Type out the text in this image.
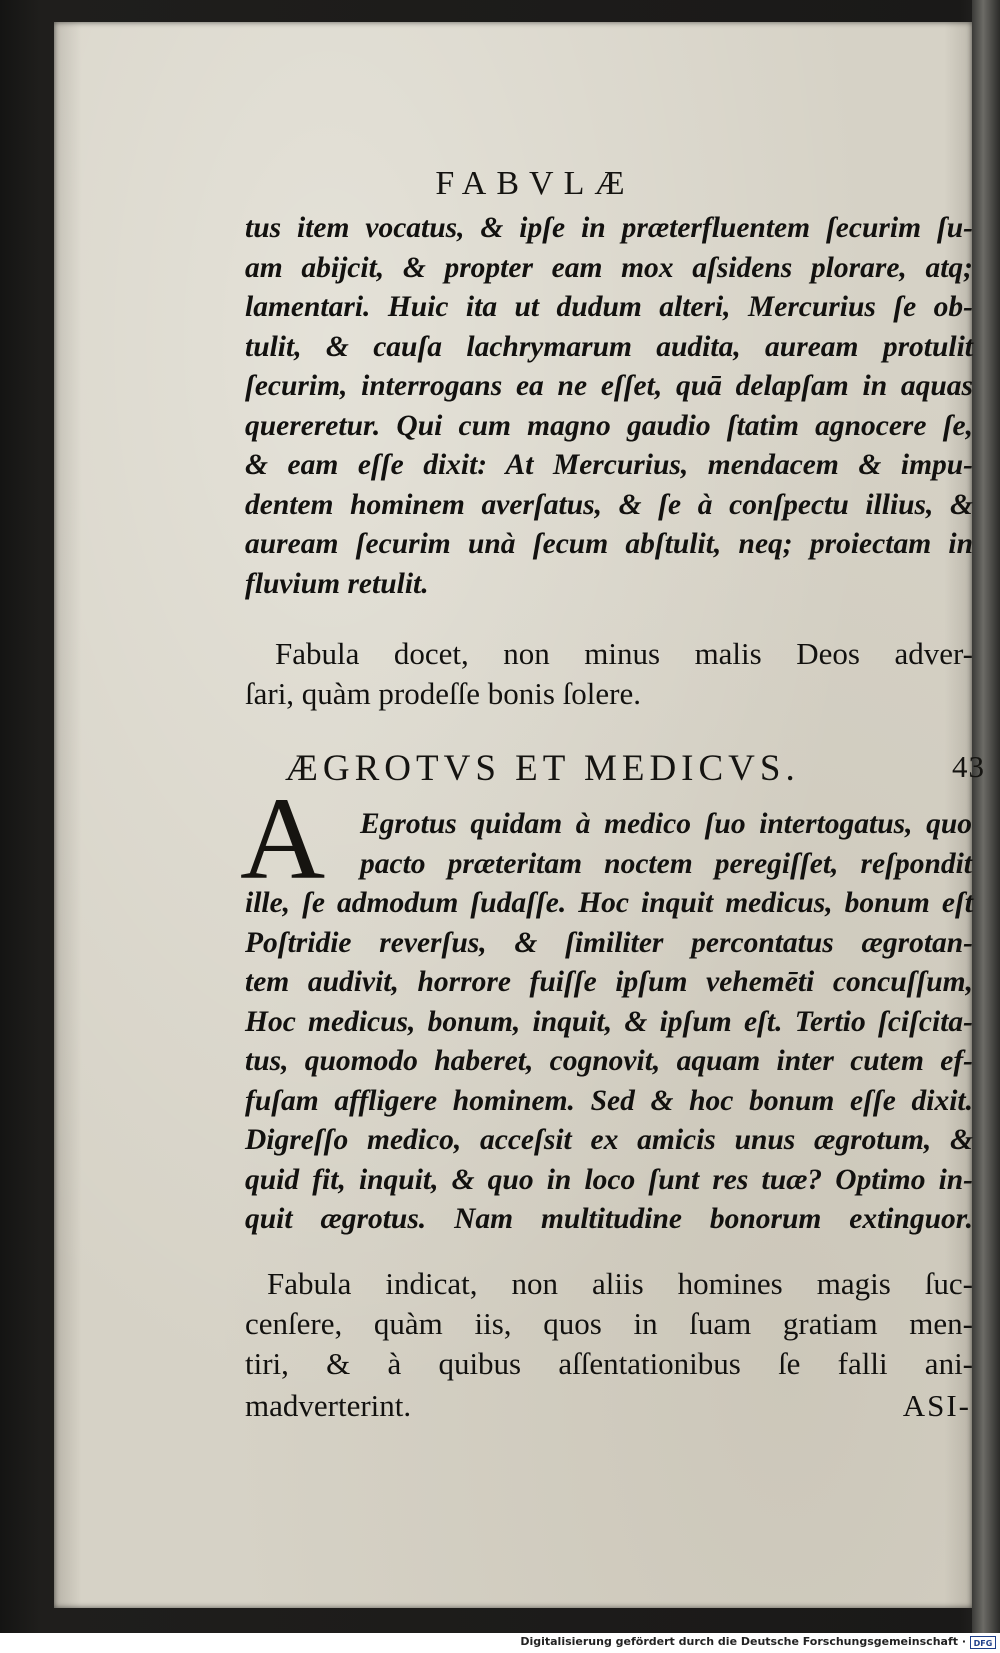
FABVLÆ
tus item vocatus, & ipſe in præterfluentem ſecurim ſu-
am abijcit, & propter eam mox aſsidens plorare, atq;
lamentari. Huic ita ut dudum alteri, Mercurius ſe ob-
tulit, & cauſa lachrymarum audita, auream protulit
ſecurim, interrogans ea ne eſſet, quā delapſam in aquas
quereretur. Qui cum magno gaudio ſtatim agnocere ſe,
& eam eſſe dixit: At Mercurius, mendacem & impu-
dentem hominem averſatus, & ſe à conſpectu illius, &
auream ſecurim unà ſecum abſtulit, neq; proiectam in
fluvium retulit.
Fabula docet, non minus malis Deos adver-
ſari, quàm prodeſſe bonis ſolere.
ÆGROTVS ET MEDICVS.	43
A	Egrotus quidam à medico ſuo intertogatus, quo
pacto præteritam noctem peregiſſet, reſpondit
ille, ſe admodum ſudaſſe. Hoc inquit medicus, bonum eſt
Poſtridie reverſus, & ſimiliter percontatus ægrotan-
tem audivit, horrore fuiſſe ipſum vehemēti concuſſum,
Hoc medicus, bonum, inquit, & ipſum eſt. Tertio ſciſcita-
tus, quomodo haberet, cognovit, aquam inter cutem ef-
fuſam affligere hominem. Sed & hoc bonum eſſe dixit.
Digreſſo medico, acceſsit ex amicis unus ægrotum, &
quid fit, inquit, & quo in loco ſunt res tuæ? Optimo in-
quit ægrotus. Nam multitudine bonorum extinguor.
Fabula indicat, non aliis homines magis ſuc-
cenſere, quàm iis, quos in ſuam gratiam men-
tiri, & à quibus aſſentationibus ſe falli ani-
madverterint.	ASI-
Digitalisierung gefördert durch die Deutsche Forschungsgemeinschaft · DFG
